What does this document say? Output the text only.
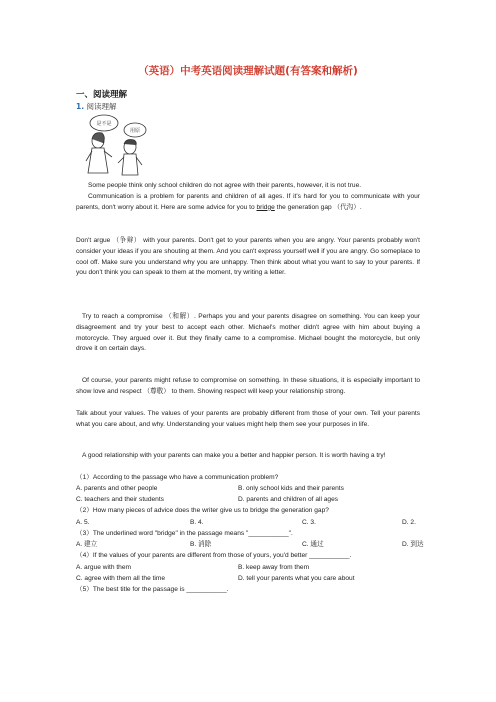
（英语）中考英语阅读理解试题(有答案和解析)
一、阅读理解
1. 阅读理解
是不是
用原
Some people think only school children do not agree with their parents, however, it is not true.
Communication is a problem for parents and children of all ages. If it's hard for you to communicate with your parents, don't worry about it. Here are some advice for you to bridge the generation gap （代沟）.
Don't argue （争辩） with your parents. Don't get to your parents when you are angry. Your parents probably won't consider your ideas if you are shouting at them. And you can't express yourself well if you are angry. Go someplace to cool off. Make sure you understand why you are unhappy. Then think about what you want to say to your parents. If you don't think you can speak to them at the moment, try writing a letter.
Try to reach a compromise （和解）. Perhaps you and your parents disagree on something. You can keep your disagreement and try your best to accept each other. Michael's mother didn't agree with him about buying a motorcycle. They argued over it. But they finally came to a compromise. Michael bought the motorcycle, but only drove it on certain days.
Of course, your parents might refuse to compromise on something. In these situations, it is especially important to show love and respect （尊敬） to them. Showing respect will keep your relationship strong.
Talk about your values. The values of your parents are probably different from those of your own. Tell your parents what you care about, and why. Understanding your values might help them see your purposes in life.
A good relationship with your parents can make you a better and happier person. It is worth having a try!
（1）According to the passage who have a communication problem?
A. parents and other people	B. only school kids and their parents
C. teachers and their students	D. parents and children of all ages
（2）How many pieces of advice does the writer give us to bridge the generation gap?
A. 5.	B. 4.	C. 3.	D. 2.
（3）The underlined word "bridge" in the passage means "___________".
A. 建立	B. 消除	C. 通过	D. 到达
（4）If the values of your parents are different from those of yours, you'd better ___________.
A. argue with them	B. keep away from them
C. agree with them all the time	D. tell your parents what you care about
（5）The best title for the passage is ___________.
